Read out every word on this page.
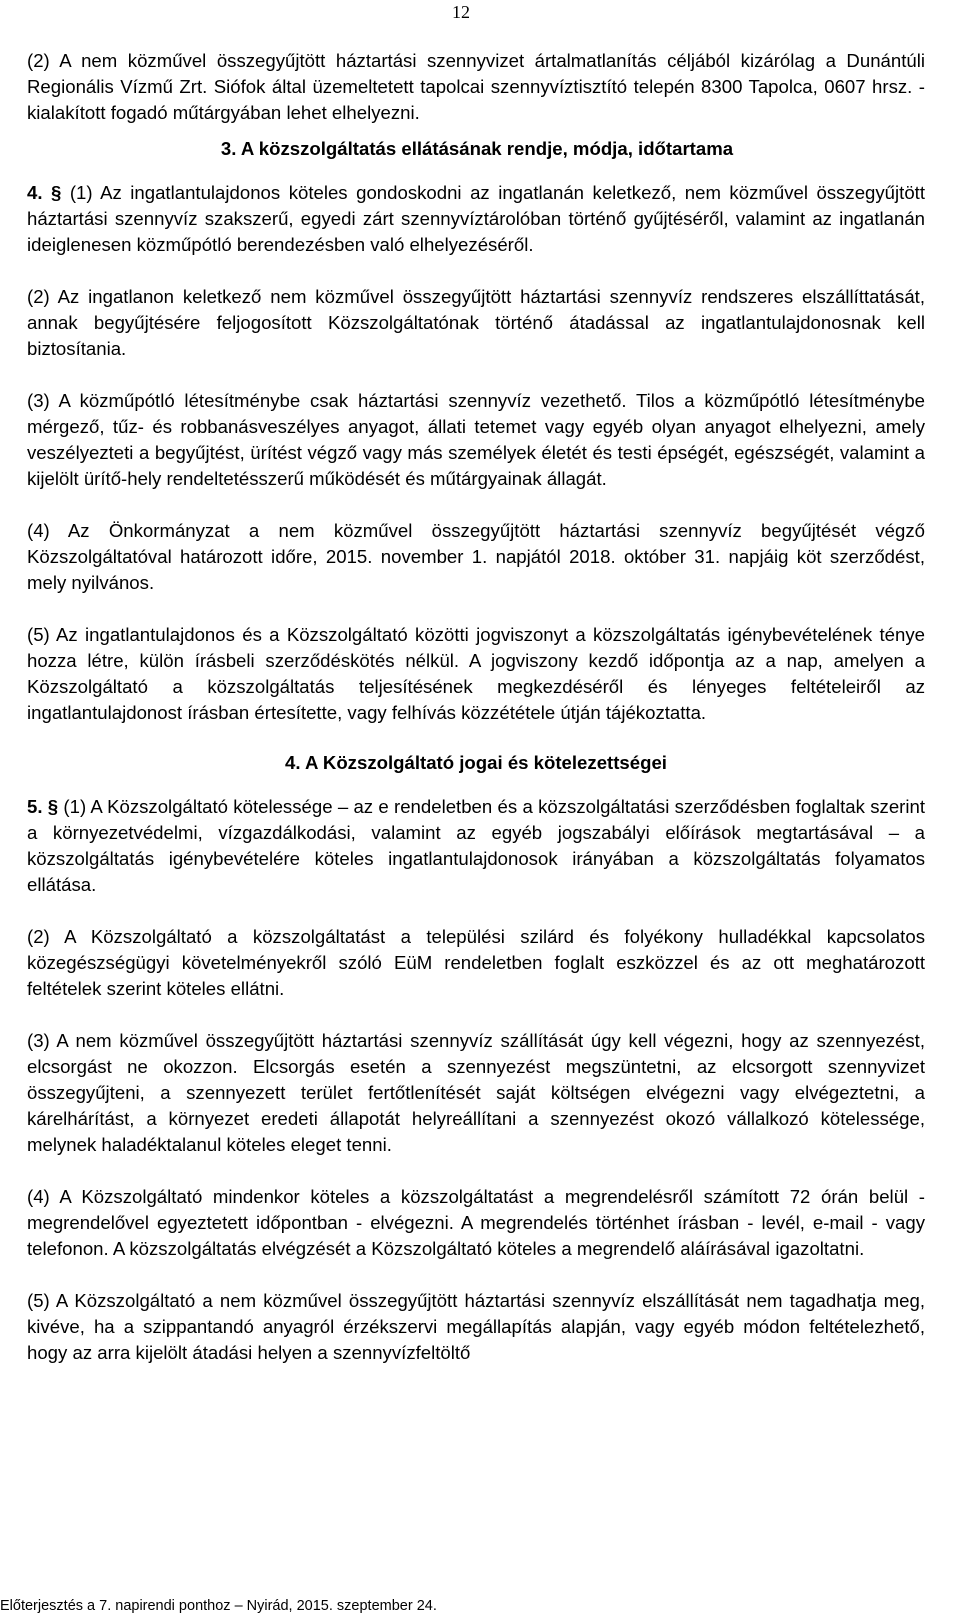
12

(2) A nem közművel összegyűjtött háztartási szennyvizet ártalmatlanítás céljából kizárólag a Dunántúli Regionális Vízmű Zrt. Siófok által üzemeltetett tapolcai szennyvíztisztító telepén 8300 Tapolca, 0607 hrsz. - kialakított fogadó műtárgyában lehet elhelyezni.

3. A közszolgáltatás ellátásának rendje, módja, időtartama

4. § (1) Az ingatlantulajdonos köteles gondoskodni az ingatlanán keletkező, nem közművel összegyűjtött háztartási szennyvíz szakszerű, egyedi zárt szennyvíztárolóban történő gyűjtéséről, valamint az ingatlanán ideiglenesen közműpótló berendezésben való elhelyezéséről.

(2) Az ingatlanon keletkező nem közművel összegyűjtött háztartási szennyvíz rendszeres elszállíttatását, annak begyűjtésére feljogosított Közszolgáltatónak történő átadással az ingatlantulajdonosnak kell biztosítania.

(3) A közműpótló létesítménybe csak háztartási szennyvíz vezethető. Tilos a közműpótló létesítménybe mérgező, tűz- és robbanásveszélyes anyagot, állati tetemet vagy egyéb olyan anyagot elhelyezni, amely veszélyezteti a begyűjtést, ürítést végző vagy más személyek életét és testi épségét, egészségét, valamint a kijelölt ürítő-hely rendeltetésszerű működését és műtárgyainak állagát.

(4) Az Önkormányzat a nem közművel összegyűjtött háztartási szennyvíz begyűjtését végző Közszolgáltatóval határozott időre, 2015. november 1. napjától 2018. október 31. napjáig köt szerződést, mely nyilvános.

(5) Az ingatlantulajdonos és a Közszolgáltató közötti jogviszonyt a közszolgáltatás igénybevételének ténye hozza létre, külön írásbeli szerződéskötés nélkül. A jogviszony kezdő időpontja az a nap, amelyen a Közszolgáltató a közszolgáltatás teljesítésének megkezdéséről és lényeges feltételeiről az ingatlantulajdonost írásban értesítette, vagy felhívás közzététele útján tájékoztatta.

4. A Közszolgáltató jogai és kötelezettségei

5. § (1) A Közszolgáltató kötelessége – az e rendeletben és a közszolgáltatási szerződésben foglaltak szerint a környezetvédelmi, vízgazdálkodási, valamint az egyéb jogszabályi előírások megtartásával – a közszolgáltatás igénybevételére köteles ingatlantulajdonosok irányában a közszolgáltatás folyamatos ellátása.

(2) A Közszolgáltató a közszolgáltatást a települési szilárd és folyékony hulladékkal kapcsolatos közegészségügyi követelményekről szóló EüM rendeletben foglalt eszközzel és az ott meghatározott feltételek szerint köteles ellátni.

(3) A nem közművel összegyűjtött háztartási szennyvíz szállítását úgy kell végezni, hogy az szennyezést, elcsorgást ne okozzon. Elcsorgás esetén a szennyezést megszüntetni, az elcsorgott szennyvizet összegyűjteni, a szennyezett terület fertőtlenítését saját költségen elvégezni vagy elvégeztetni, a kárelhárítást, a környezet eredeti állapotát helyreállítani a szennyezést okozó vállalkozó kötelessége, melynek haladéktalanul köteles eleget tenni.

(4) A Közszolgáltató mindenkor köteles a közszolgáltatást a megrendelésről számított 72 órán belül - megrendelővel egyeztetett időpontban - elvégezni. A megrendelés történhet írásban - levél, e-mail - vagy telefonon. A közszolgáltatás elvégzését a Közszolgáltató köteles a megrendelő aláírásával igazoltatni.

(5) A Közszolgáltató a nem közművel összegyűjtött háztartási szennyvíz elszállítását nem tagadhatja meg, kivéve, ha a szippantandó anyagról érzékszervi megállapítás alapján, vagy egyéb módon feltételezhető, hogy az arra kijelölt átadási helyen a szennyvízfeltöltő

Előterjesztés a 7. napirendi ponthoz – Nyirád, 2015. szeptember 24.
